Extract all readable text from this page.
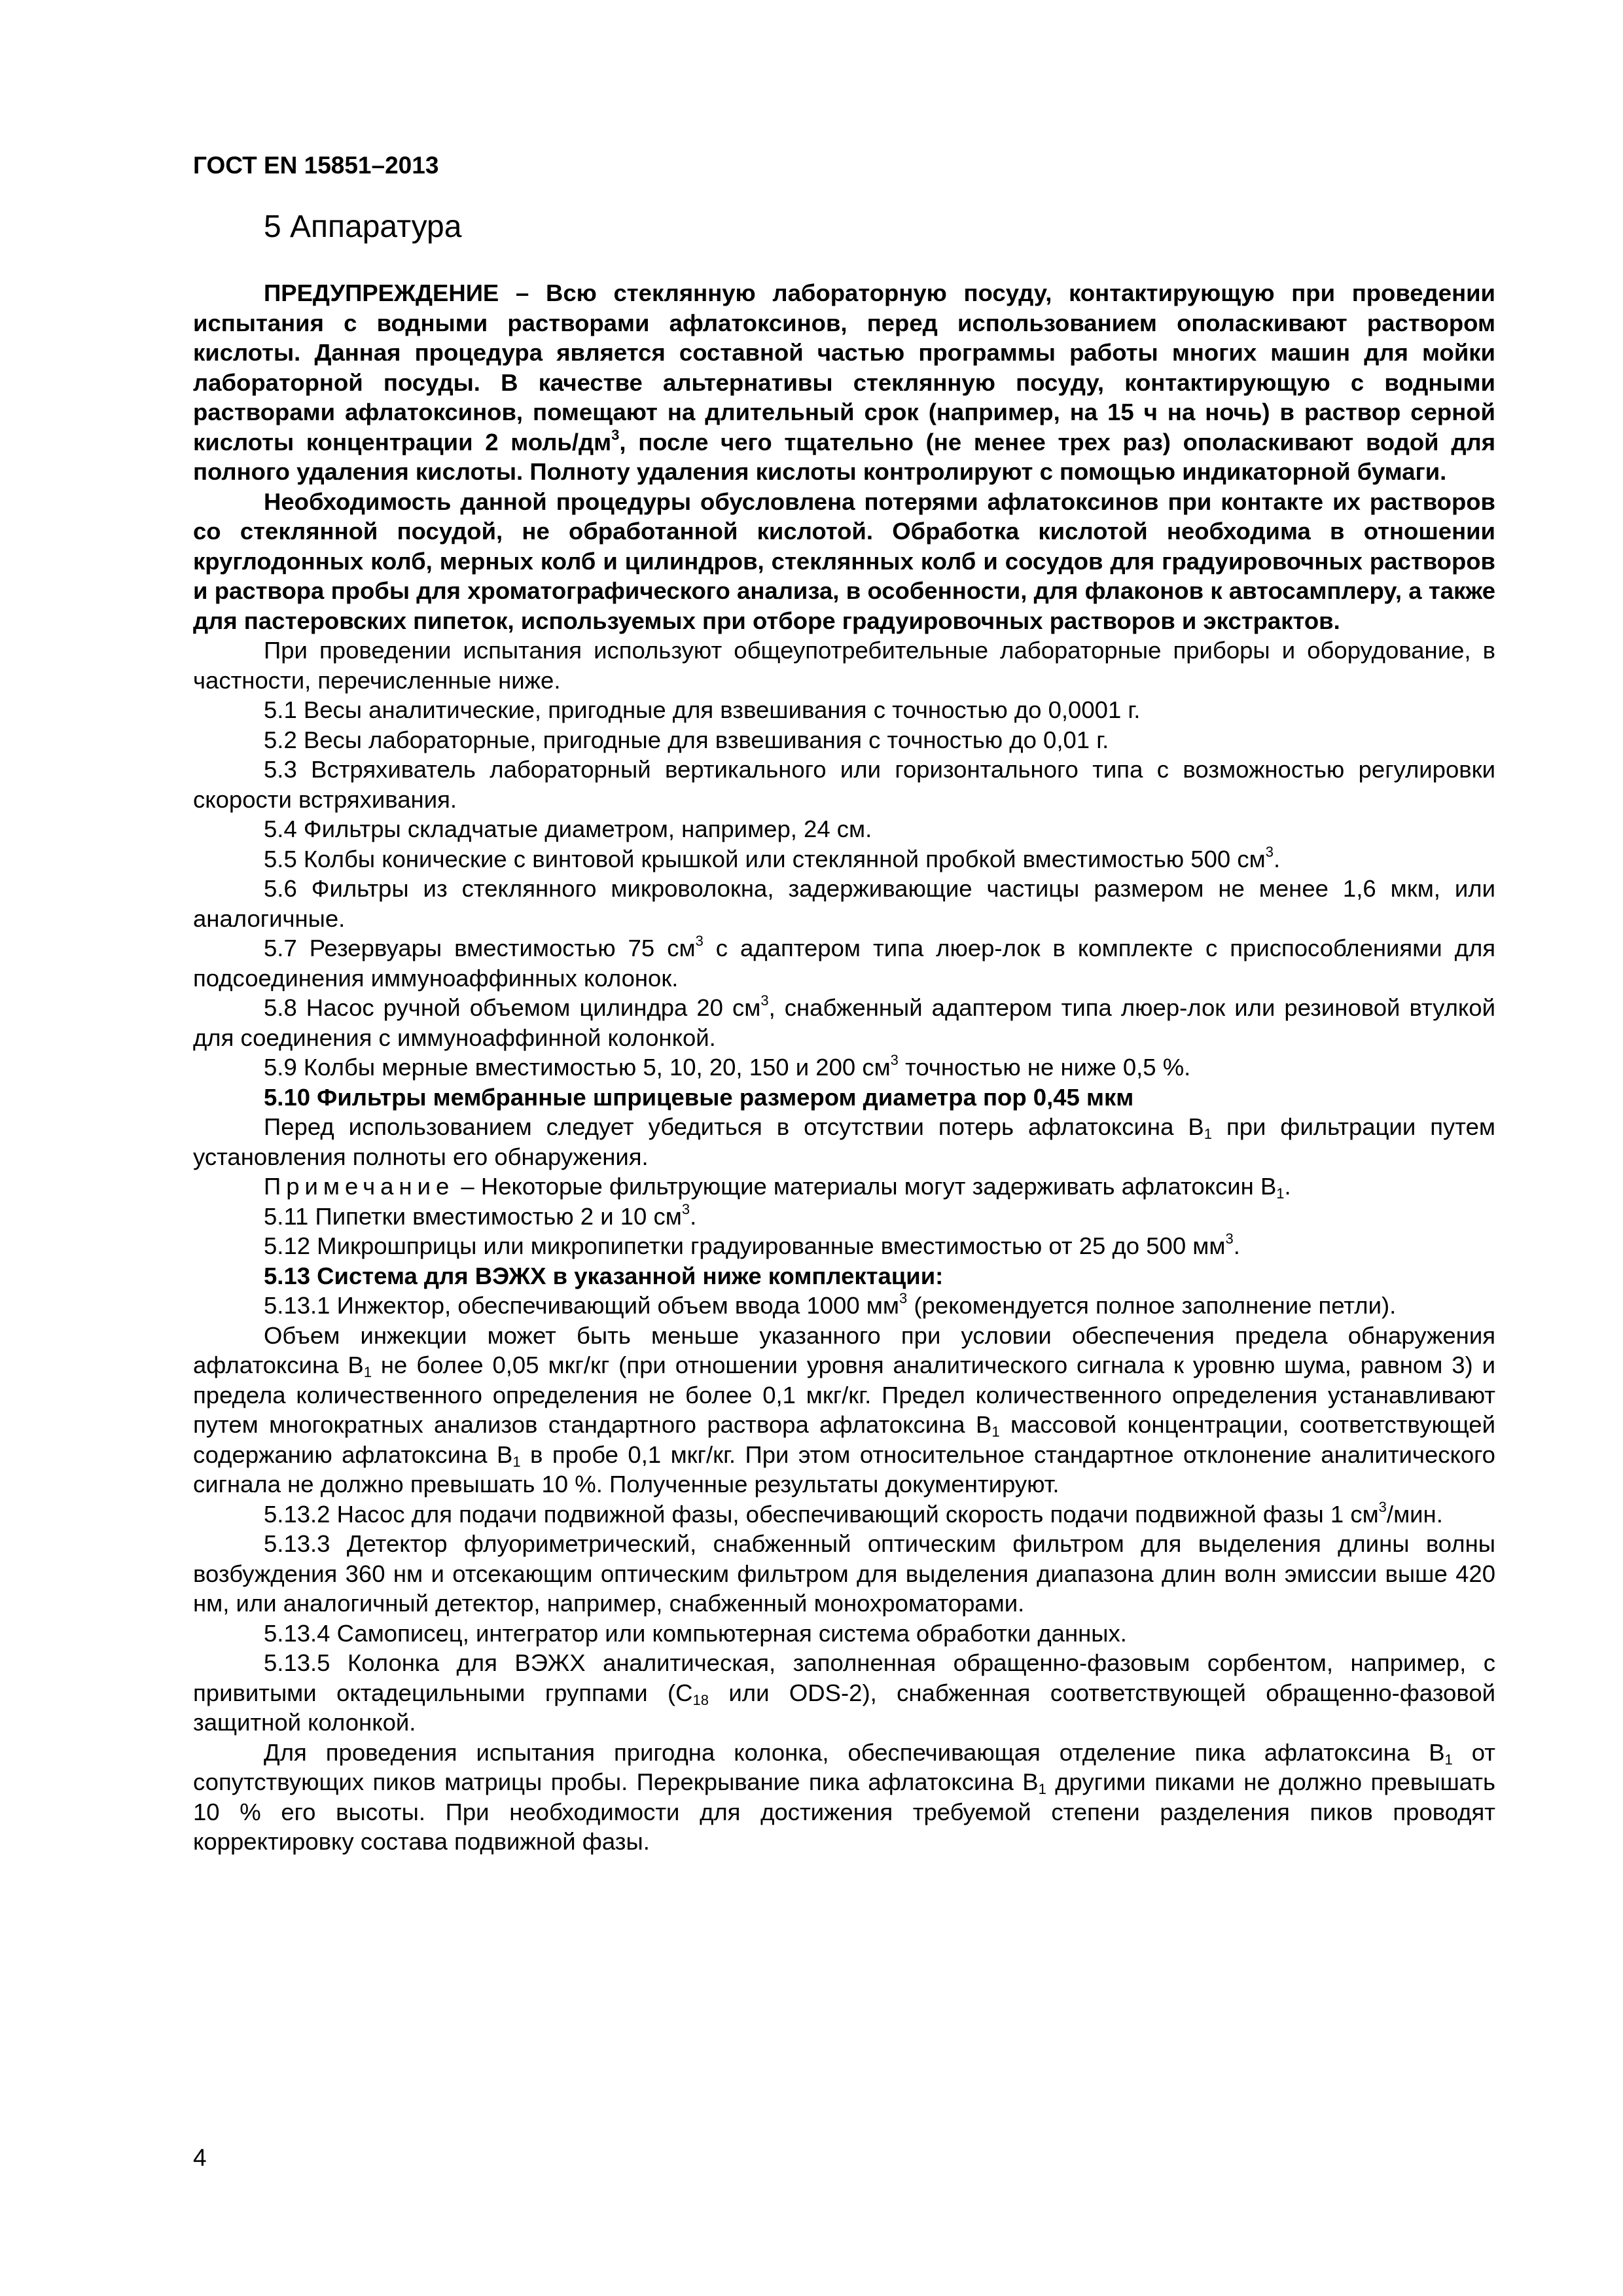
ГОСТ EN 15851–2013
5 Аппаратура

ПРЕДУПРЕЖДЕНИЕ – Всю стеклянную лабораторную посуду, контактирующую при проведении испытания с водными растворами афлатоксинов, перед использованием ополаскивают раствором кислоты. Данная процедура является составной частью программы работы многих машин для мойки лабораторной посуды. В качестве альтернативы стеклянную посуду, контактирующую с водными растворами афлатоксинов, помещают на длительный срок (например, на 15 ч на ночь) в раствор серной кислоты концентрации 2 моль/$дм^3$, после чего тщательно (не менее трех раз) ополаскивают водой для полного удаления кислоты. Полноту удаления кислоты контролируют с помощью индикаторной бумаги.

Необходимость данной процедуры обусловлена потерями афлатоксинов при контакте их растворов со стеклянной посудой, не обработанной кислотой. Обработка кислотой необходима в отношении круглодонных колб, мерных колб и цилиндров, стеклянных колб и сосудов для градуировочных растворов и раствора пробы для хроматографического анализа, в особенности, для флаконов к автосамплеру, а также для пастеровских пипеток, используемых при отборе градуировочных растворов и экстрактов.

При проведении испытания используют общеупотребительные лабораторные приборы и оборудование, в частности, перечисленные ниже.

5.1 Весы аналитические, пригодные для взвешивания с точностью до 0,0001 г.

5.2 Весы лабораторные, пригодные для взвешивания с точностью до 0,01 г.

5.3 Встряхиватель лабораторный вертикального или горизонтального типа с возможностью регулировки скорости встряхивания.

5.4 Фильтры складчатые диаметром, например, 24 см.

5.5 Колбы конические с винтовой крышкой или стеклянной пробкой вместимостью 500 $см^3$.

5.6 Фильтры из стеклянного микроволокна, задерживающие частицы размером не менее 1,6 мкм, или аналогичные.

5.7 Резервуары вместимостью 75 $см^3$ с адаптером типа люер-лок в комплекте с приспособлениями для подсоединения иммуноаффинных колонок.

5.8 Насос ручной объемом цилиндра 20 $см^3$, снабженный адаптером типа люер-лок или резиновой втулкой для соединения с иммуноаффинной колонкой.

5.9 Колбы мерные вместимостью 5, 10, 20, 150 и 200 $см^3$ точностью не ниже 0,5 %.

5.10 Фильтры мембранные шприцевые размером диаметра пор 0,45 мкм

Перед использованием следует убедиться в отсутствии потерь афлатоксина $B_1$ при фильтрации путем установления полноты его обнаружения.

Примечание – Некоторые фильтрующие материалы могут задерживать афлатоксин $B_1$.

5.11 Пипетки вместимостью 2 и 10 $см^3$.

5.12 Микрошприцы или микропипетки градуированные вместимостью от 25 до 500 $мм^3$.

5.13 Система для ВЭЖХ в указанной ниже комплектации:

5.13.1 Инжектор, обеспечивающий объем ввода 1000 $мм^3$ (рекомендуется полное заполнение петли).

Объем инжекции может быть меньше указанного при условии обеспечения предела обнаружения афлатоксина $B_1$ не более 0,05 мкг/кг (при отношении уровня аналитического сигнала к уровню шума, равном 3) и предела количественного определения не более 0,1 мкг/кг. Предел количественного определения устанавливают путем многократных анализов стандартного раствора афлатоксина $B_1$ массовой концентрации, соответствующей содержанию афлатоксина $B_1$ в пробе 0,1 мкг/кг. При этом относительное стандартное отклонение аналитического сигнала не должно превышать 10 %. Полученные результаты документируют.

5.13.2 Насос для подачи подвижной фазы, обеспечивающий скорость подачи подвижной фазы 1 $см^3$/мин.

5.13.3 Детектор флуориметрический, снабженный оптическим фильтром для выделения длины волны возбуждения 360 нм и отсекающим оптическим фильтром для выделения диапазона длин волн эмиссии выше 420 нм, или аналогичный детектор, например, снабженный монохроматорами.

5.13.4 Самописец, интегратор или компьютерная система обработки данных.

5.13.5 Колонка для ВЭЖХ аналитическая, заполненная обращенно-фазовым сорбентом, например, с привитыми октадецильными группами ($C_{18}$ или ODS-2), снабженная соответствующей обращенно-фазовой защитной колонкой.

Для проведения испытания пригодна колонка, обеспечивающая отделение пика афлатоксина $B_1$ от сопутствующих пиков матрицы пробы. Перекрывание пика афлатоксина $B_1$ другими пиками не должно превышать 10 % его высоты. При необходимости для достижения требуемой степени разделения пиков проводят корректировку состава подвижной фазы.

4
